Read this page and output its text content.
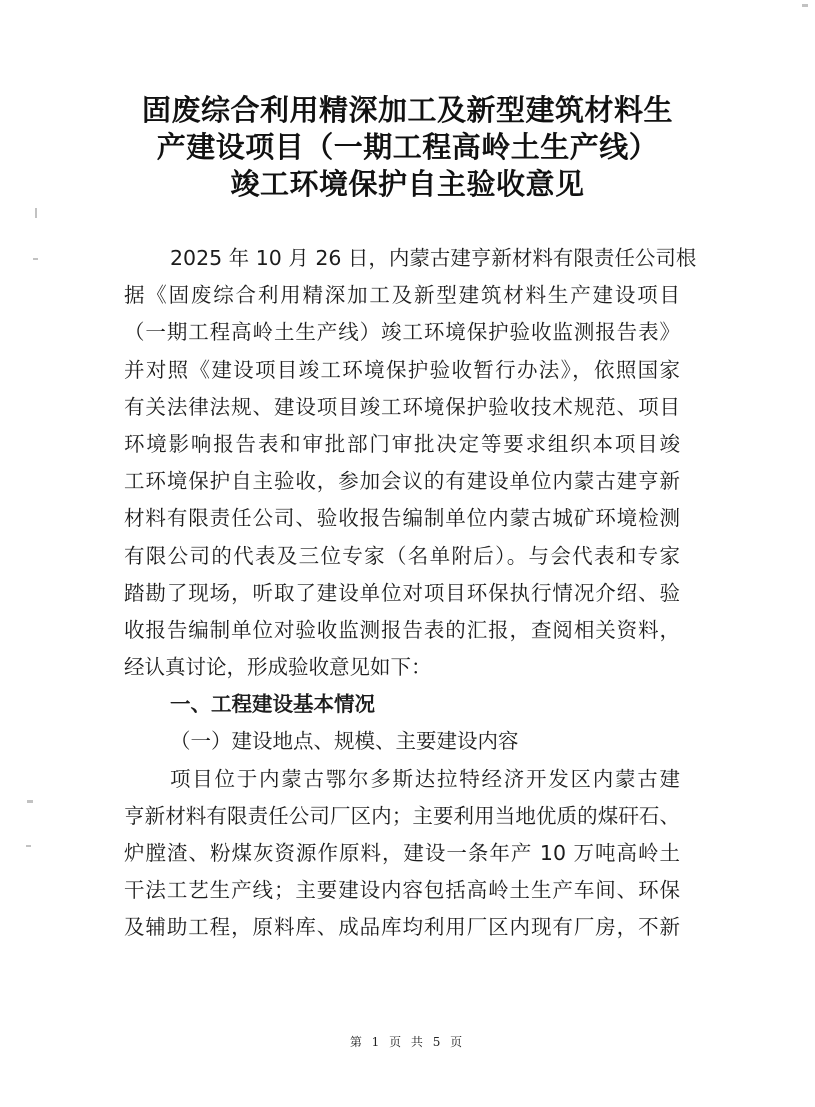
固废综合利用精深加工及新型建筑材料生
产建设项目（一期工程高岭土生产线）
竣工环境保护自主验收意见
2025 年 10 月 26 日，内蒙古建亨新材料有限责任公司根
据《固废综合利用精深加工及新型建筑材料生产建设项目
（一期工程高岭土生产线）竣工环境保护验收监测报告表》
并对照《建设项目竣工环境保护验收暂行办法》，依照国家
有关法律法规、建设项目竣工环境保护验收技术规范、项目
环境影响报告表和审批部门审批决定等要求组织本项目竣
工环境保护自主验收，参加会议的有建设单位内蒙古建亨新
材料有限责任公司、验收报告编制单位内蒙古城矿环境检测
有限公司的代表及三位专家（名单附后）。与会代表和专家
踏勘了现场，听取了建设单位对项目环保执行情况介绍、验
收报告编制单位对验收监测报告表的汇报，查阅相关资料，
经认真讨论，形成验收意见如下：
一、工程建设基本情况
（一）建设地点、规模、主要建设内容
项目位于内蒙古鄂尔多斯达拉特经济开发区内蒙古建
亨新材料有限责任公司厂区内；主要利用当地优质的煤矸石、
炉膛渣、粉煤灰资源作原料，建设一条年产 10 万吨高岭土
干法工艺生产线；主要建设内容包括高岭土生产车间、环保
及辅助工程，原料库、成品库均利用厂区内现有厂房，不新
第 1 页 共 5 页
